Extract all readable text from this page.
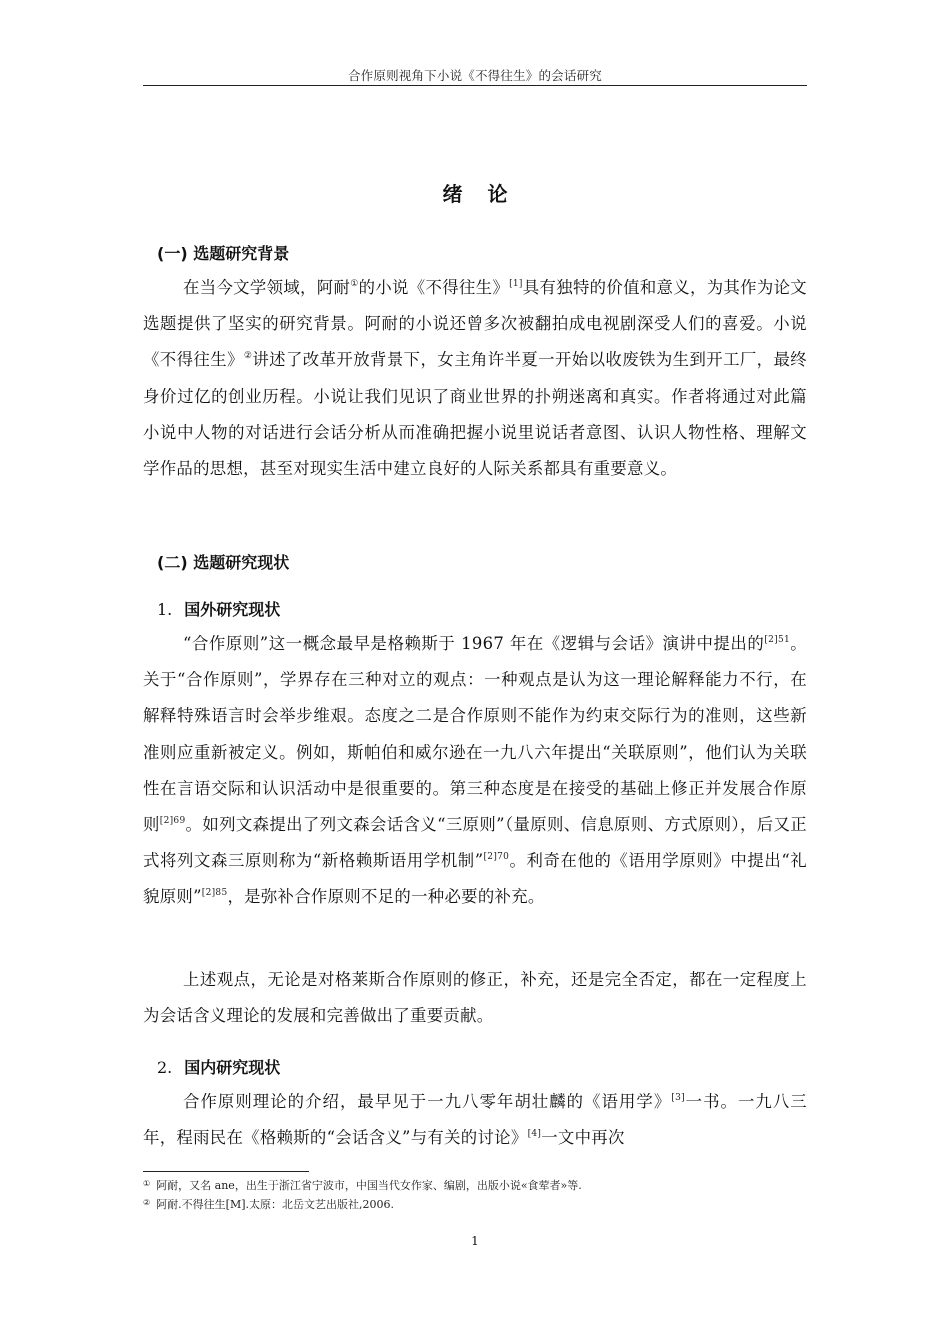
合作原则视角下小说《不得往生》的会话研究
绪 论
(一) 选题研究背景
在当今文学领域，阿耐①的小说《不得往生》[1]具有独特的价值和意义，为其作为论文选题提供了坚实的研究背景。阿耐的小说还曾多次被翻拍成电视剧深受人们的喜爱。小说《不得往生》②讲述了改革开放背景下，女主角许半夏一开始以收废铁为生到开工厂，最终身价过亿的创业历程。小说让我们见识了商业世界的扑朔迷离和真实。作者将通过对此篇小说中人物的对话进行会话分析从而准确把握小说里说话者意图、认识人物性格、理解文学作品的思想，甚至对现实生活中建立良好的人际关系都具有重要意义。
(二) 选题研究现状
1. 国外研究现状
“合作原则”这一概念最早是格赖斯于 1967 年在《逻辑与会话》演讲中提出的$^{[2]51}$。关于“合作原则”，学界存在三种对立的观点：一种观点是认为这一理论解释能力不行，在解释特殊语言时会举步维艰。态度之二是合作原则不能作为约束交际行为的准则，这些新准则应重新被定义。例如，斯帕伯和威尔逊在一九八六年提出“关联原则”，他们认为关联性在言语交际和认识活动中是很重要的。第三种态度是在接受的基础上修正并发展合作原则$^{[2]69}$。如列文森提出了列文森会话含义“三原则”（量原则、信息原则、方式原则），后又正式将列文森三原则称为“新格赖斯语用学机制”$^{[2]70}$。利奇在他的《语用学原则》中提出“礼貌原则”$^{[2]85}$，是弥补合作原则不足的一种必要的补充。
上述观点，无论是对格莱斯合作原则的修正，补充，还是完全否定，都在一定程度上为会话含义理论的发展和完善做出了重要贡献。
2. 国内研究现状
合作原则理论的介绍，最早见于一九八零年胡壮麟的《语用学》[3]一书。一九八三年，程雨民在《格赖斯的“会话含义”与有关的讨论》[4]一文中再次
① 阿耐，又名 ane，出生于浙江省宁波市，中国当代女作家、编剧，出版小说«食荤者»等.
② 阿耐.不得往生[M].太原：北岳文艺出版社,2006.
1
